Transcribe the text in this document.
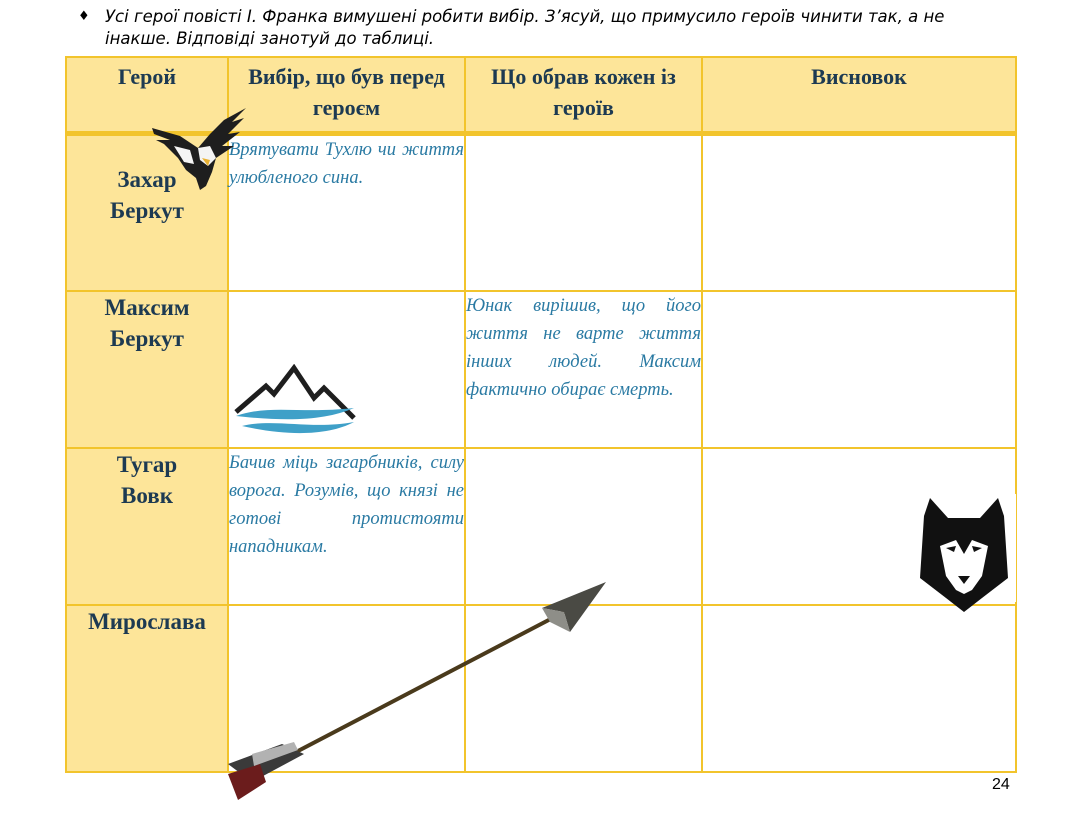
♦ Усі герої повісті І. Франка вимушені робити вибір. З’ясуй, що примусило героїв чинити так, а не інакше. Відповіді занотуй до таблиці.
Герой	Вибір, що був перед героєм	Що обрав кожен із героїв	Висновок
Захар Беркут	Врятувати Тухлю чи життя улюбленого сина.		
Максим Беркут		Юнак вирішив, що його життя не варте життя інших людей. Максим фактично обирає смерть.	
Тугар Вовк	Бачив міць загарбників, силу ворога. Розумів, що князі не готові протистояти нападникам.		
Мирослава			
24
